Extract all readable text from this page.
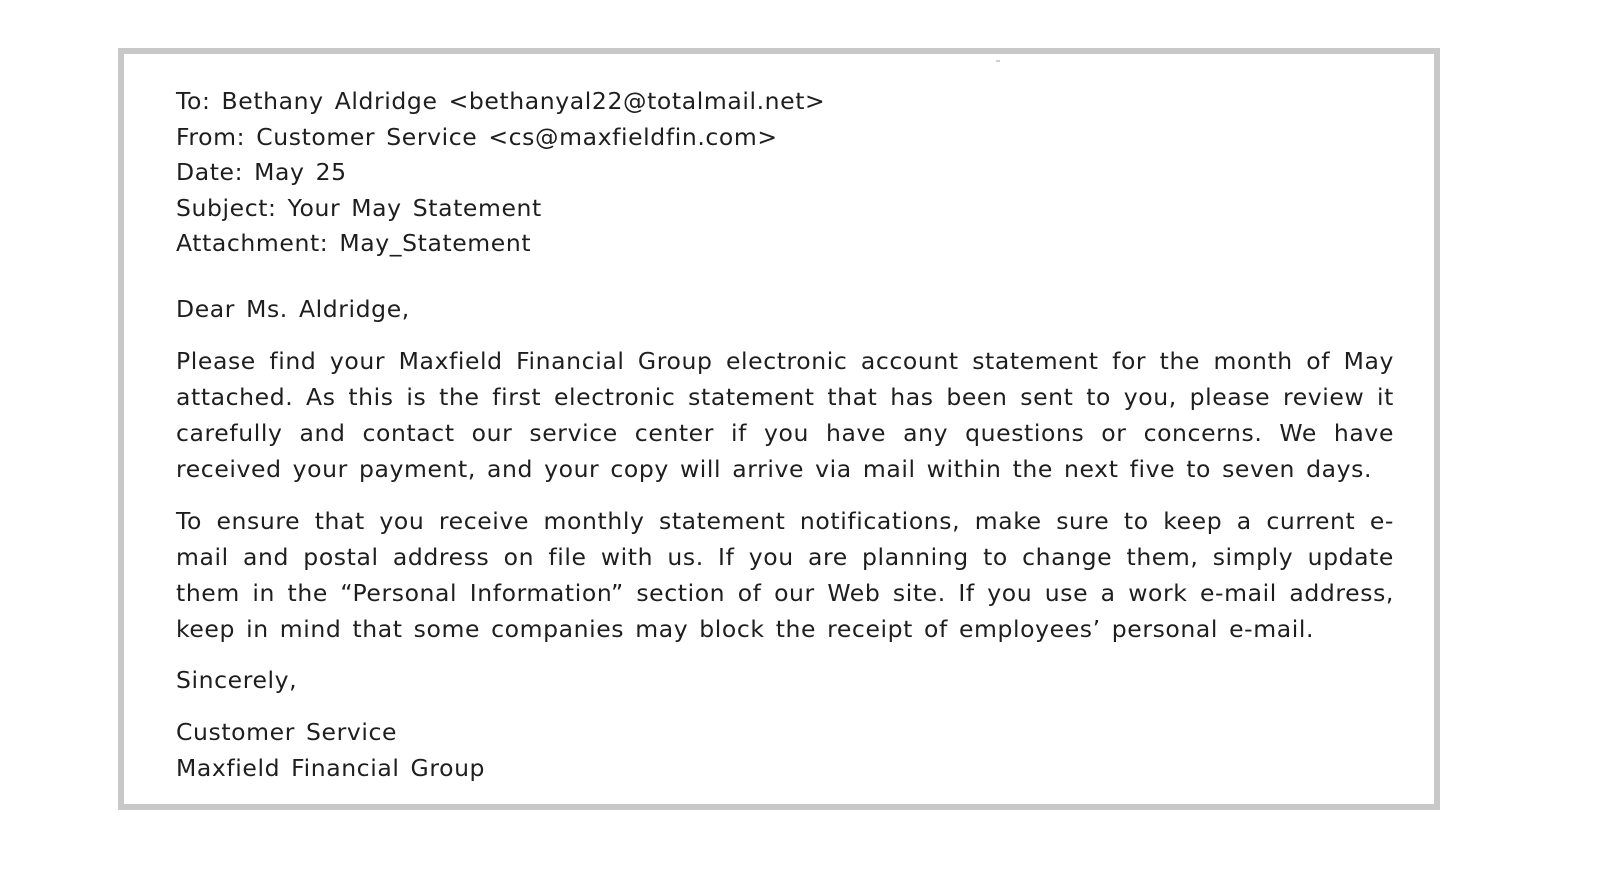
To: Bethany Aldridge <bethanyal22@totalmail.net>
From: Customer Service <cs@maxfieldfin.com>
Date: May 25
Subject: Your May Statement
Attachment: May_Statement
Dear Ms. Aldridge,
Please find your Maxfield Financial Group electronic account statement for the month of May attached. As this is the first electronic statement that has been sent to you, please review it carefully and contact our service center if you have any questions or concerns. We have received your payment, and your copy will arrive via mail within the next five to seven days.
To ensure that you receive monthly statement notifications, make sure to keep a current e-mail and postal address on file with us. If you are planning to change them, simply update them in the “Personal Information” section of our Web site. If you use a work e-mail address, keep in mind that some companies may block the receipt of employees’ personal e-mail.
Sincerely,
Customer Service
Maxfield Financial Group
